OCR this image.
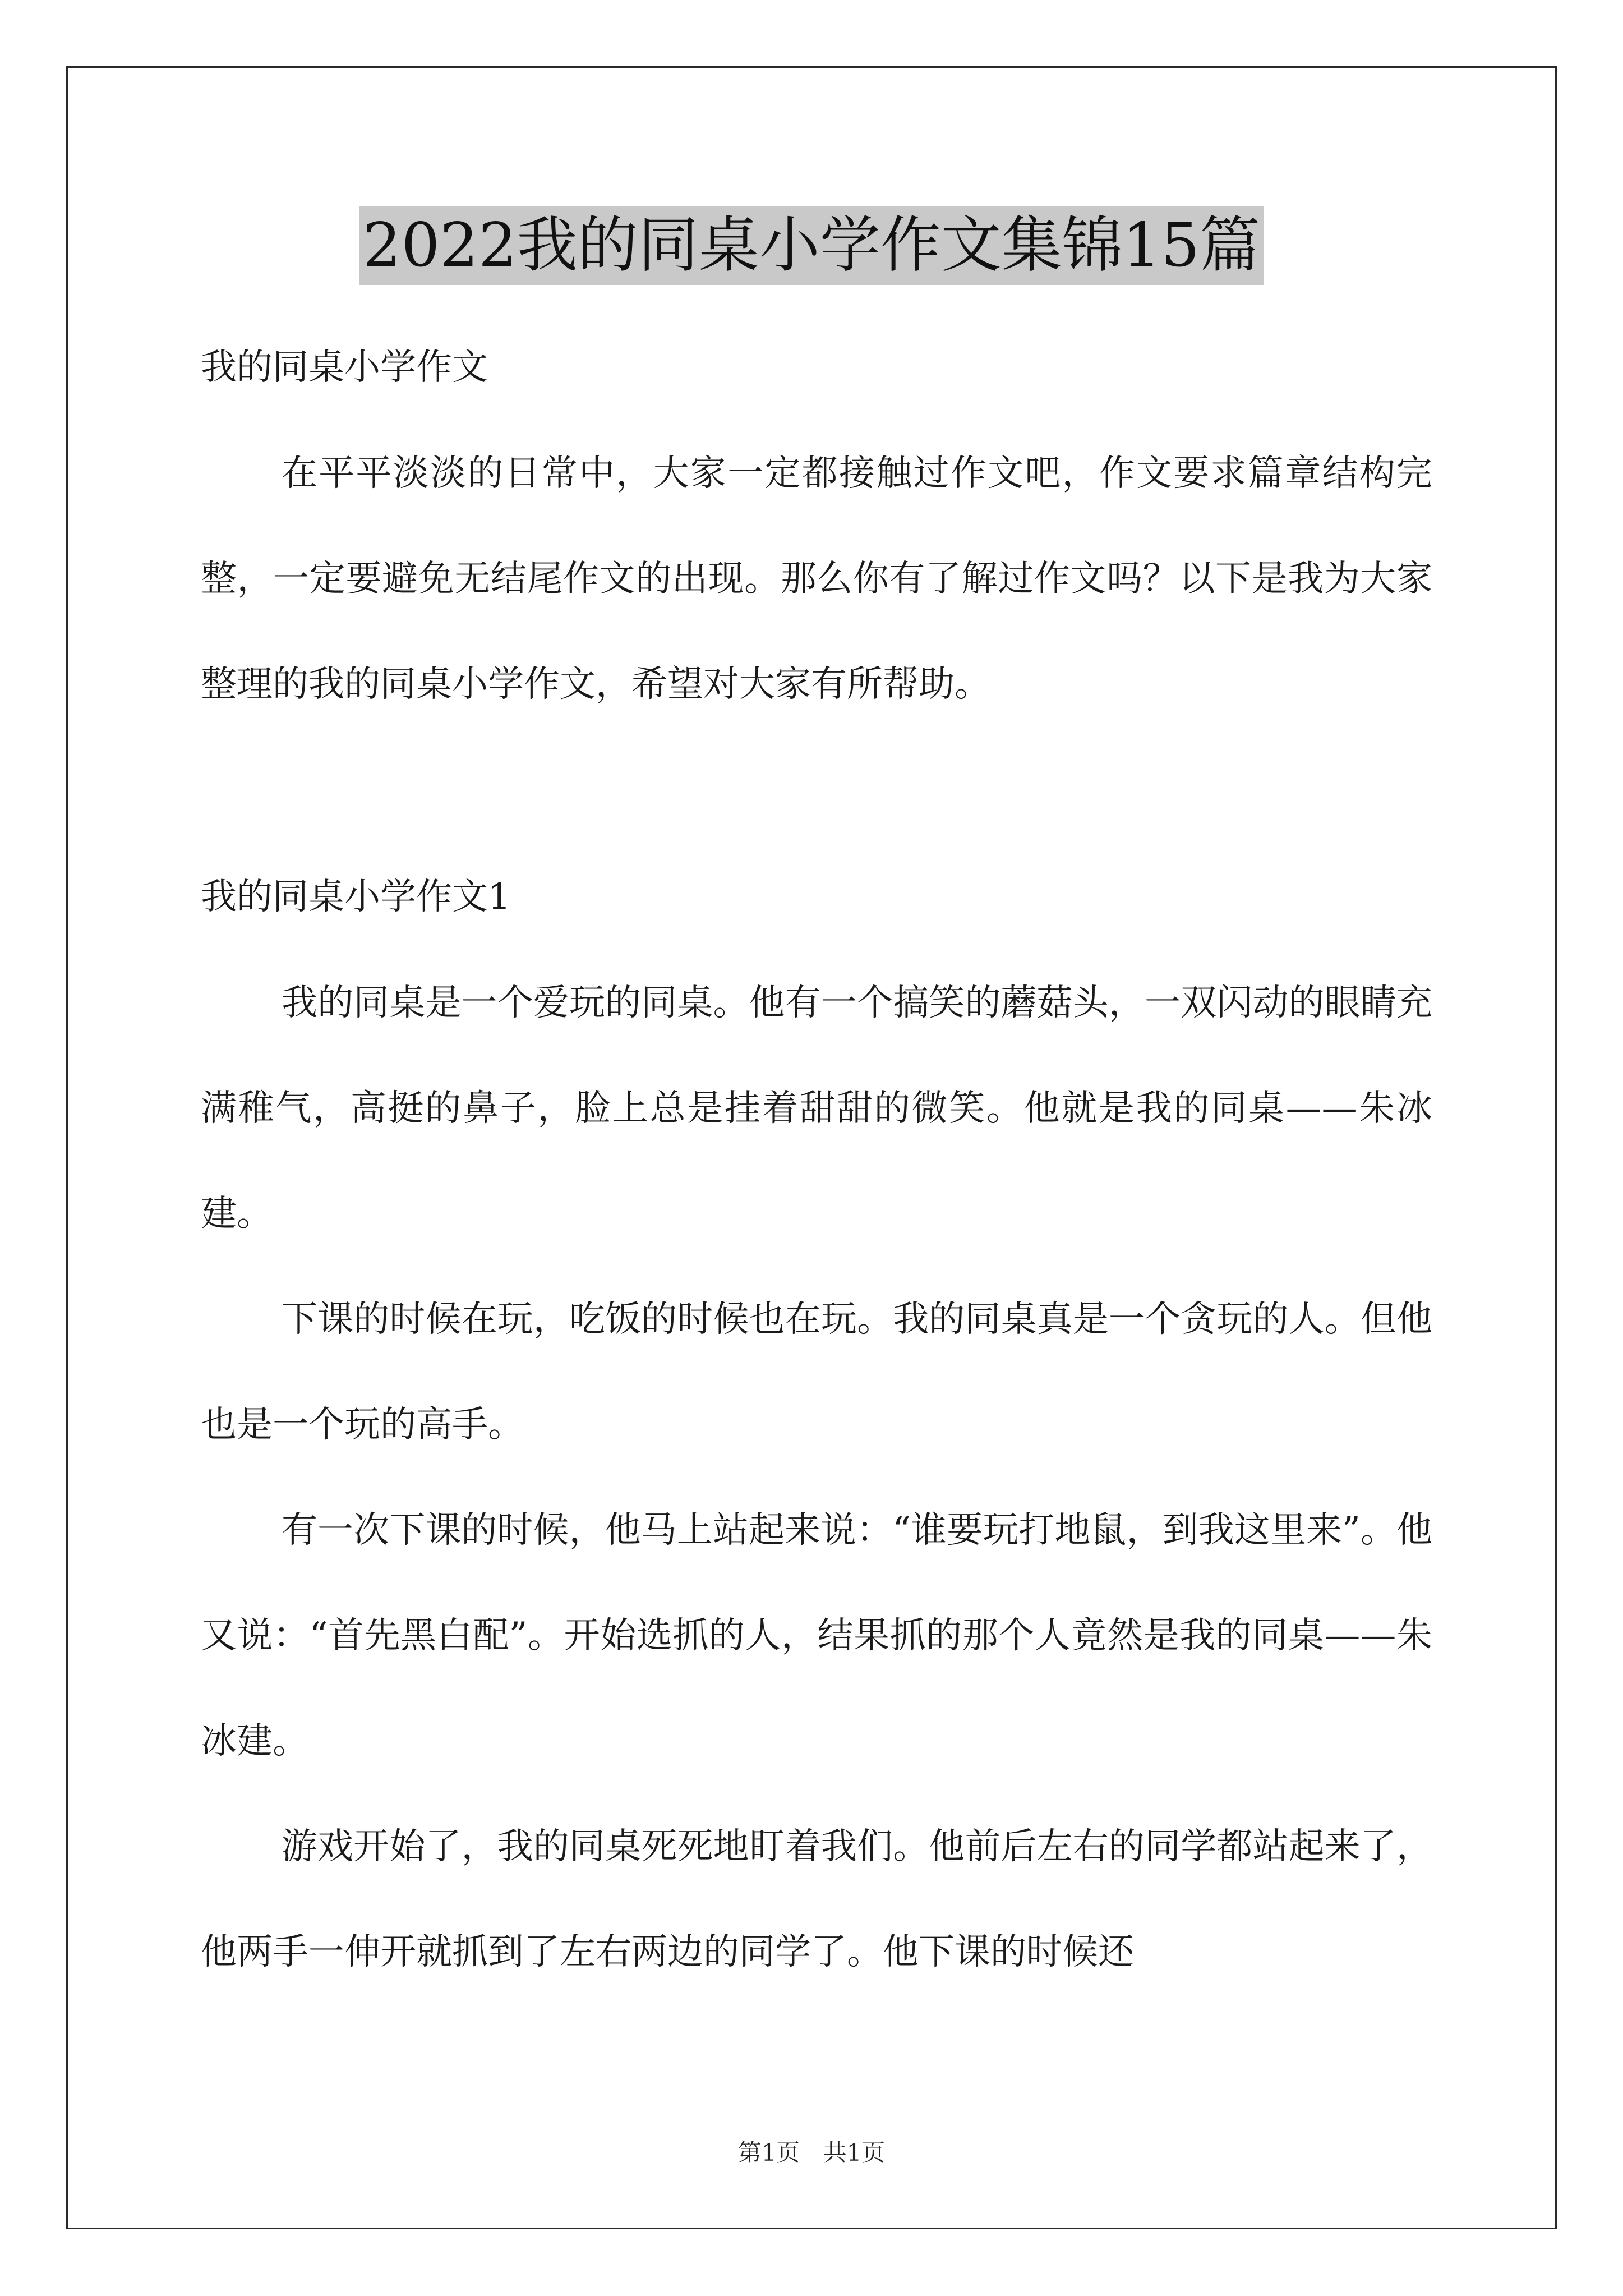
2022我的同桌小学作文集锦15篇

我的同桌小学作文

在平平淡淡的日常中，大家一定都接触过作文吧，作文要求篇章结构完整，一定要避免无结尾作文的出现。那么你有了解过作文吗？以下是我为大家整理的我的同桌小学作文，希望对大家有所帮助。

我的同桌小学作文1

我的同桌是一个爱玩的同桌。他有一个搞笑的蘑菇头，一双闪动的眼睛充满稚气，高挺的鼻子，脸上总是挂着甜甜的微笑。他就是我的同桌——朱冰建。

下课的时候在玩，吃饭的时候也在玩。我的同桌真是一个贪玩的人。但他也是一个玩的高手。

有一次下课的时候，他马上站起来说：“谁要玩打地鼠，到我这里来”。他又说：“首先黑白配”。开始选抓的人，结果抓的那个人竟然是我的同桌——朱冰建。

游戏开始了，我的同桌死死地盯着我们。他前后左右的同学都站起来了，他两手一伸开就抓到了左右两边的同学了。他下课的时候还

第1页 共1页
